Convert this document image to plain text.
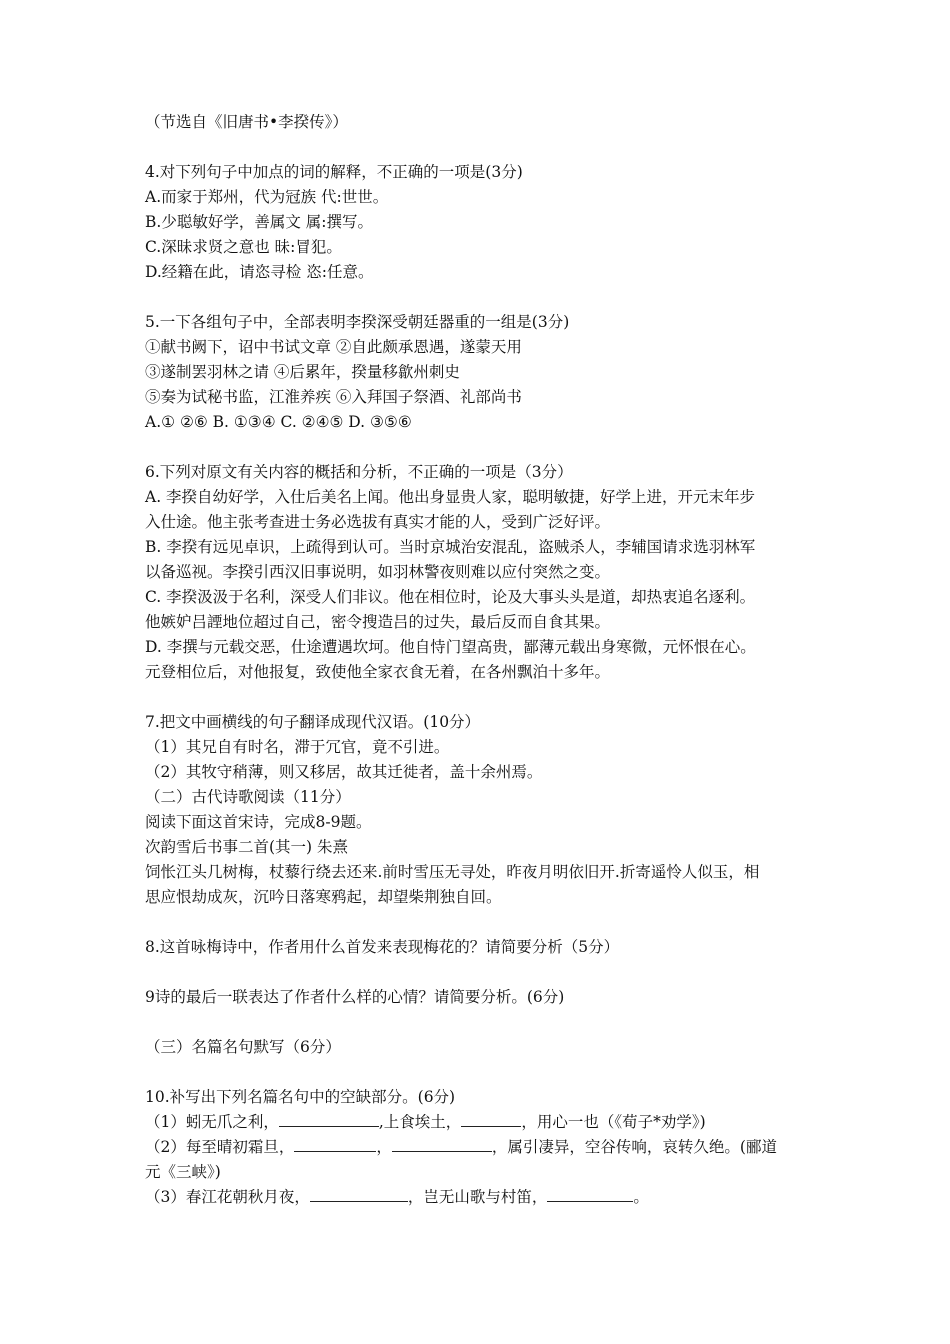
（节选自《旧唐书•李揆传》）
4.对下列句子中加点的词的解释，不正确的一项是(3分)
A.而家于郑州，代为冠族 代:世世。
B.少聪敏好学，善属文 属:撰写。
C.深昧求贤之意也 昧:冒犯。
D.经籍在此，请恣寻检 恣:任意。
5.一下各组句子中，全部表明李揆深受朝廷器重的一组是(3分)
①献书阙下，诏中书试文章 ②自此颇承恩遇，遂蒙天用
③遂制罢羽林之请 ④后累年，揆量移歙州刺史
⑤奏为试秘书监，江淮养疾 ⑥入拜国子祭酒、礼部尚书
A.① ②⑥ B. ①③④ C. ②④⑤ D. ③⑤⑥
6.下列对原文有关内容的概括和分析，不正确的一项是（3分）
A. 李揆自幼好学，入仕后美名上闻。他出身显贵人家，聪明敏捷，好学上进，开元末年步
入仕途。他主张考查进士务必选拔有真实才能的人，受到广泛好评。
B. 李揆有远见卓识，上疏得到认可。当时京城治安混乱，盗贼杀人，李辅国请求选羽林军
以备巡视。李揆引西汉旧事说明，如羽林警夜则难以应付突然之变。
C. 李揆汲汲于名利，深受人们非议。他在相位时，论及大事头头是道，却热衷追名逐利。
他嫉妒吕諲地位超过自己，密令搜造吕的过失，最后反而自食其果。
D. 李撰与元载交恶，仕途遭遇坎坷。他自恃门望高贵，鄙薄元载出身寒微，元怀恨在心。
元登相位后，对他报复，致使他全家衣食无着，在各州飘泊十多年。
7.把文中画横线的句子翻译成现代汉语。(10分）
（1）其兄自有时名，滞于冗官，竟不引进。
（2）其牧守稍薄，则又移居，故其迁徙者，盖十余州焉。
（二）古代诗歌阅读（11分）
阅读下面这首宋诗，完成8-9题。
次韵雪后书事二首(其一) 朱熹
饲怅江头几树梅，杖藜行绕去还来.前时雪压无寻处，昨夜月明依旧开.折寄遥怜人似玉，相
思应恨劫成灰，沉吟日落寒鸦起，却望柴荆独自回。
8.这首咏梅诗中，作者用什么首发来表现梅花的？请简要分析（5分）
9诗的最后一联表达了作者什么样的心情？请简要分析。(6分)
（三）名篇名句默写（6分）
10.补写出下列名篇名句中的空缺部分。(6分)
（1）蚓无爪之利，	,上食埃土，	，用心一也（《荀子*劝学》)
（2）每至晴初霜旦，	，	，属引凄异，空谷传响，哀转久绝。(郦道
元《三峡》)
（3）春江花朝秋月夜，	，岂无山歌与村笛，	。
